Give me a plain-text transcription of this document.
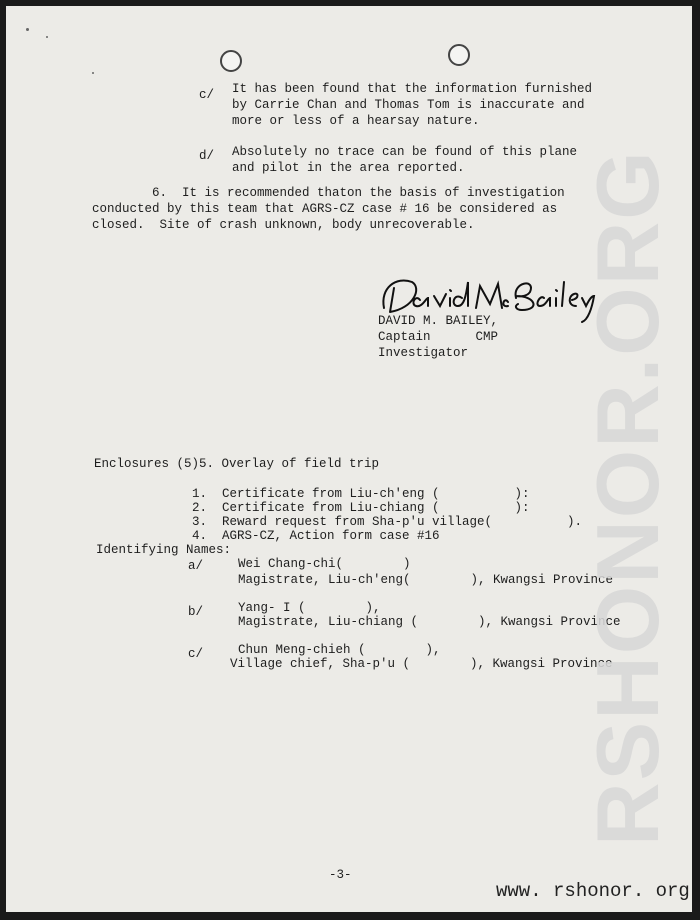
c/ It has been found that the information furnished
by Carrie Chan and Thomas Tom is inaccurate and
more or less of a hearsay nature.
d/ Absolutely no trace can be found of this plane
and pilot in the area reported.
6.  It is recommended thaton the basis of investigation
conducted by this team that AGRS-CZ case # 16 be considered as
closed.  Site of crash unknown, body unrecoverable.
DAVID M. BAILEY,
Captain      CMP
Investigator
Enclosures (5)5. Overlay of field trip
1.  Certificate from Liu-ch'eng (          ):
2.  Certificate from Liu-chiang (          ):
3.  Reward request from Sha-p'u village(          ).
4.  AGRS-CZ, Action form case #16
Identifying Names:
a/	Wei Chang-chi(        )
Magistrate, Liu-ch'eng(        ), Kwangsi Province
b/	Yang- I (        ),
Magistrate, Liu-chiang (        ), Kwangsi Province
c/	Chun Meng-chieh (        ),
Village chief, Sha-p'u (        ), Kwangsi Province
RSHONOR.ORG
-3-
www. rshonor. org
